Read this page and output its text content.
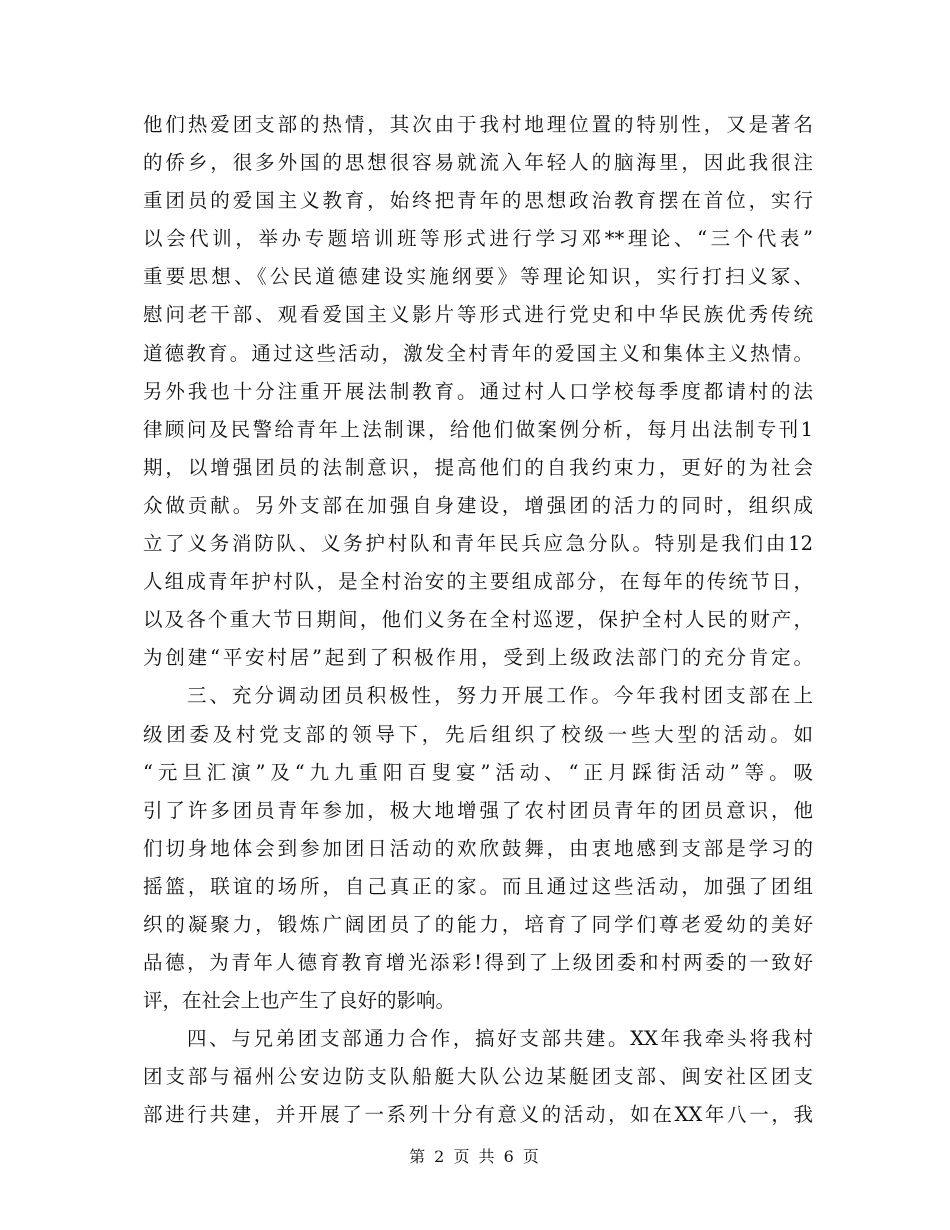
他们热爱团支部的热情，其次由于我村地理位置的特别性，又是著名
的侨乡，很多外国的思想很容易就流入年轻人的脑海里，因此我很注
重团员的爱国主义教育，始终把青年的思想政治教育摆在首位，实行
以会代训，举办专题培训班等形式进行学习邓**理论、“三个代表”
重要思想、《公民道德建设实施纲要》等理论知识，实行打扫义冢、
慰问老干部、观看爱国主义影片等形式进行党史和中华民族优秀传统
道德教育。通过这些活动，激发全村青年的爱国主义和集体主义热情。
另外我也十分注重开展法制教育。通过村人口学校每季度都请村的法
律顾问及民警给青年上法制课，给他们做案例分析，每月出法制专刊1
期，以增强团员的法制意识，提高他们的自我约束力，更好的为社会
众做贡献。另外支部在加强自身建设，增强团的活力的同时，组织成
立了义务消防队、义务护村队和青年民兵应急分队。特别是我们由12
人组成青年护村队，是全村治安的主要组成部分，在每年的传统节日，
以及各个重大节日期间，他们义务在全村巡逻，保护全村人民的财产，
为创建“平安村居”起到了积极作用，受到上级政法部门的充分肯定。
三、充分调动团员积极性，努力开展工作。今年我村团支部在上
级团委及村党支部的领导下，先后组织了校级一些大型的活动。如
“元旦汇演”及“九九重阳百叟宴”活动、“正月踩街活动”等。吸
引了许多团员青年参加，极大地增强了农村团员青年的团员意识，他
们切身地体会到参加团日活动的欢欣鼓舞，由衷地感到支部是学习的
摇篮，联谊的场所，自己真正的家。而且通过这些活动，加强了团组
织的凝聚力，锻炼广阔团员了的能力，培育了同学们尊老爱幼的美好
品德，为青年人德育教育增光添彩!得到了上级团委和村两委的一致好
评，在社会上也产生了良好的影响。
四、与兄弟团支部通力合作，搞好支部共建。XX年我牵头将我村
团支部与福州公安边防支队船艇大队公边某艇团支部、闽安社区团支
部进行共建，并开展了一系列十分有意义的活动，如在XX年八一，我
第 2 页 共 6 页
